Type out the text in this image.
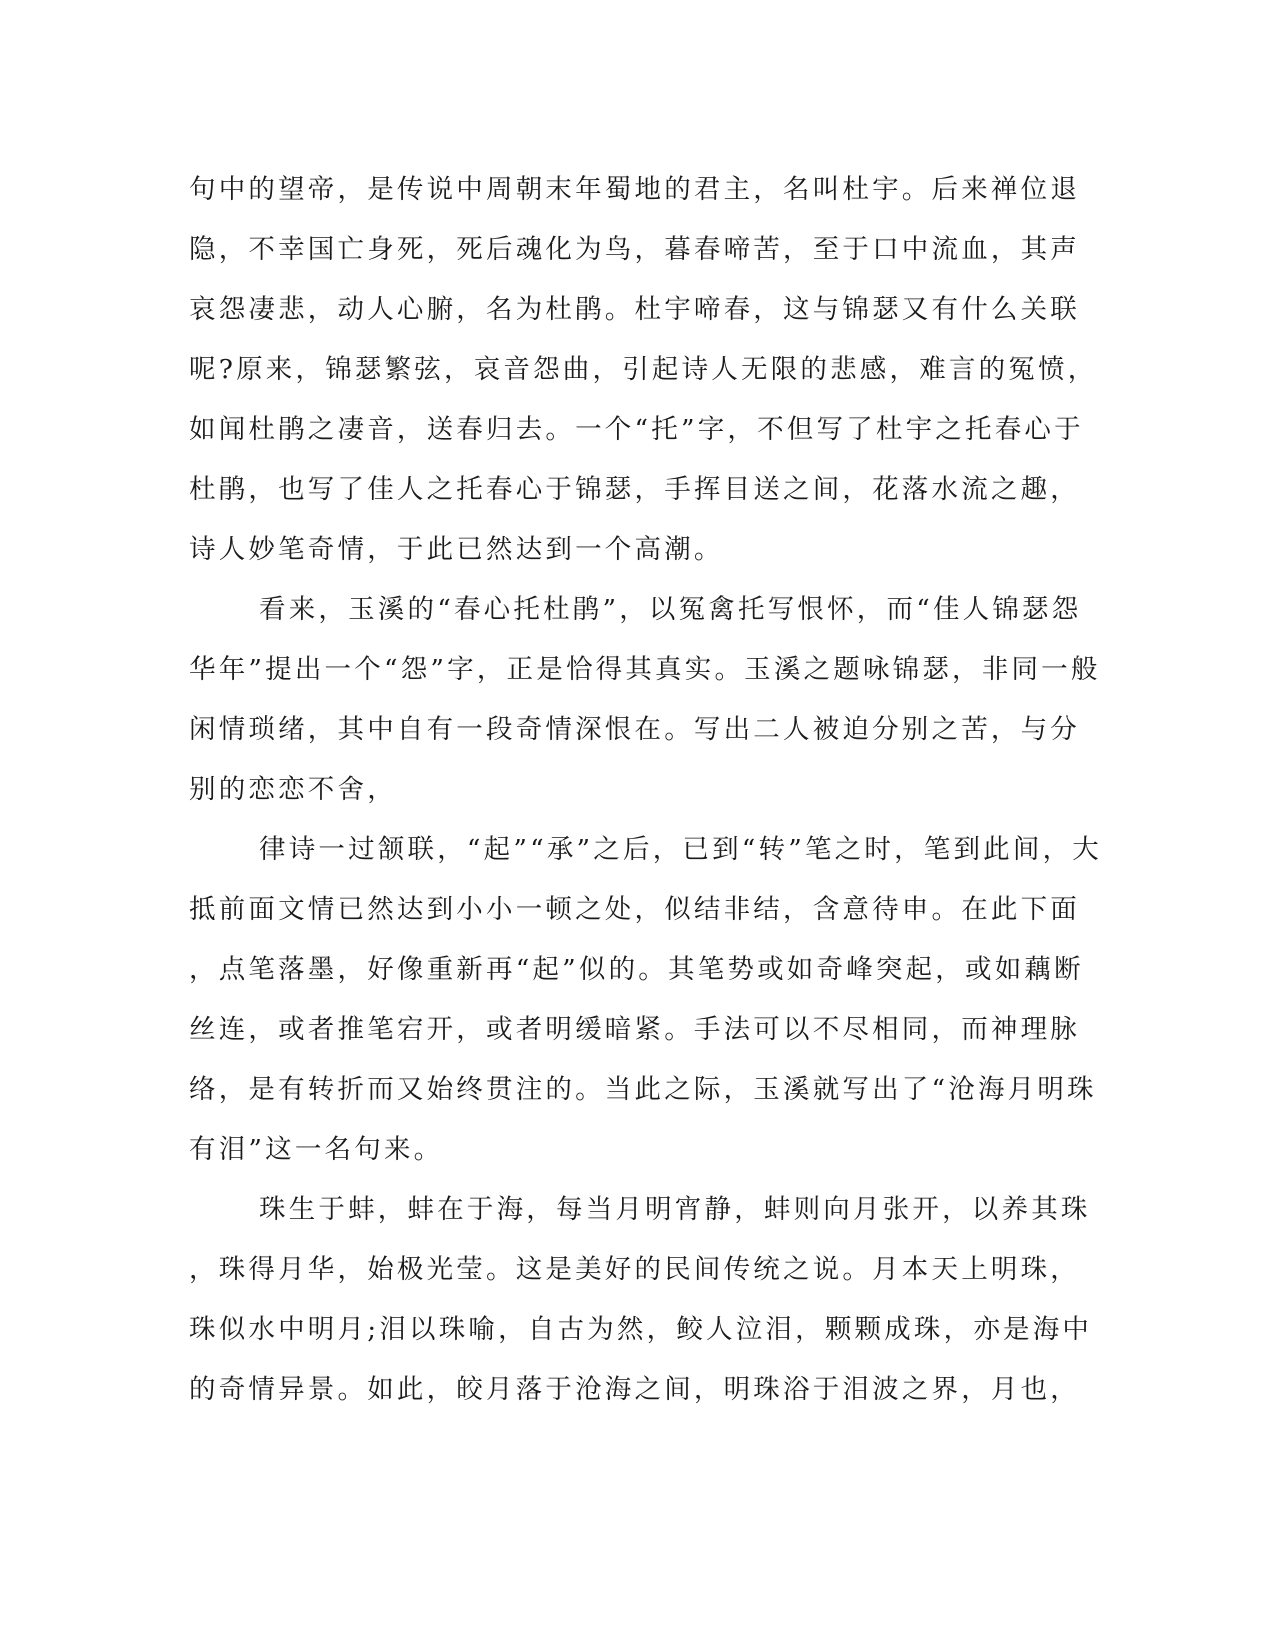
句中的望帝，是传说中周朝末年蜀地的君主，名叫杜宇。后来禅位退
隐，不幸国亡身死，死后魂化为鸟，暮春啼苦，至于口中流血，其声
哀怨凄悲，动人心腑，名为杜鹃。杜宇啼春，这与锦瑟又有什么关联
呢?原来，锦瑟繁弦，哀音怨曲，引起诗人无限的悲感，难言的冤愤，
如闻杜鹃之凄音，送春归去。一个“托”字，不但写了杜宇之托春心于
杜鹃，也写了佳人之托春心于锦瑟，手挥目送之间，花落水流之趣，
诗人妙笔奇情，于此已然达到一个高潮。
看来，玉溪的“春心托杜鹃”，以冤禽托写恨怀，而“佳人锦瑟怨
华年”提出一个“怨”字，正是恰得其真实。玉溪之题咏锦瑟，非同一般
闲情琐绪，其中自有一段奇情深恨在。写出二人被迫分别之苦，与分
别的恋恋不舍，
律诗一过颔联，“起”“承”之后，已到“转”笔之时，笔到此间，大
抵前面文情已然达到小小一顿之处，似结非结，含意待申。在此下面
，点笔落墨，好像重新再“起”似的。其笔势或如奇峰突起，或如藕断
丝连，或者推笔宕开，或者明缓暗紧。手法可以不尽相同，而神理脉
络，是有转折而又始终贯注的。当此之际，玉溪就写出了“沧海月明珠
有泪”这一名句来。
珠生于蚌，蚌在于海，每当月明宵静，蚌则向月张开，以养其珠
，珠得月华，始极光莹。这是美好的民间传统之说。月本天上明珠，
珠似水中明月;泪以珠喻，自古为然，鲛人泣泪，颗颗成珠，亦是海中
的奇情异景。如此，皎月落于沧海之间，明珠浴于泪波之界，月也，
